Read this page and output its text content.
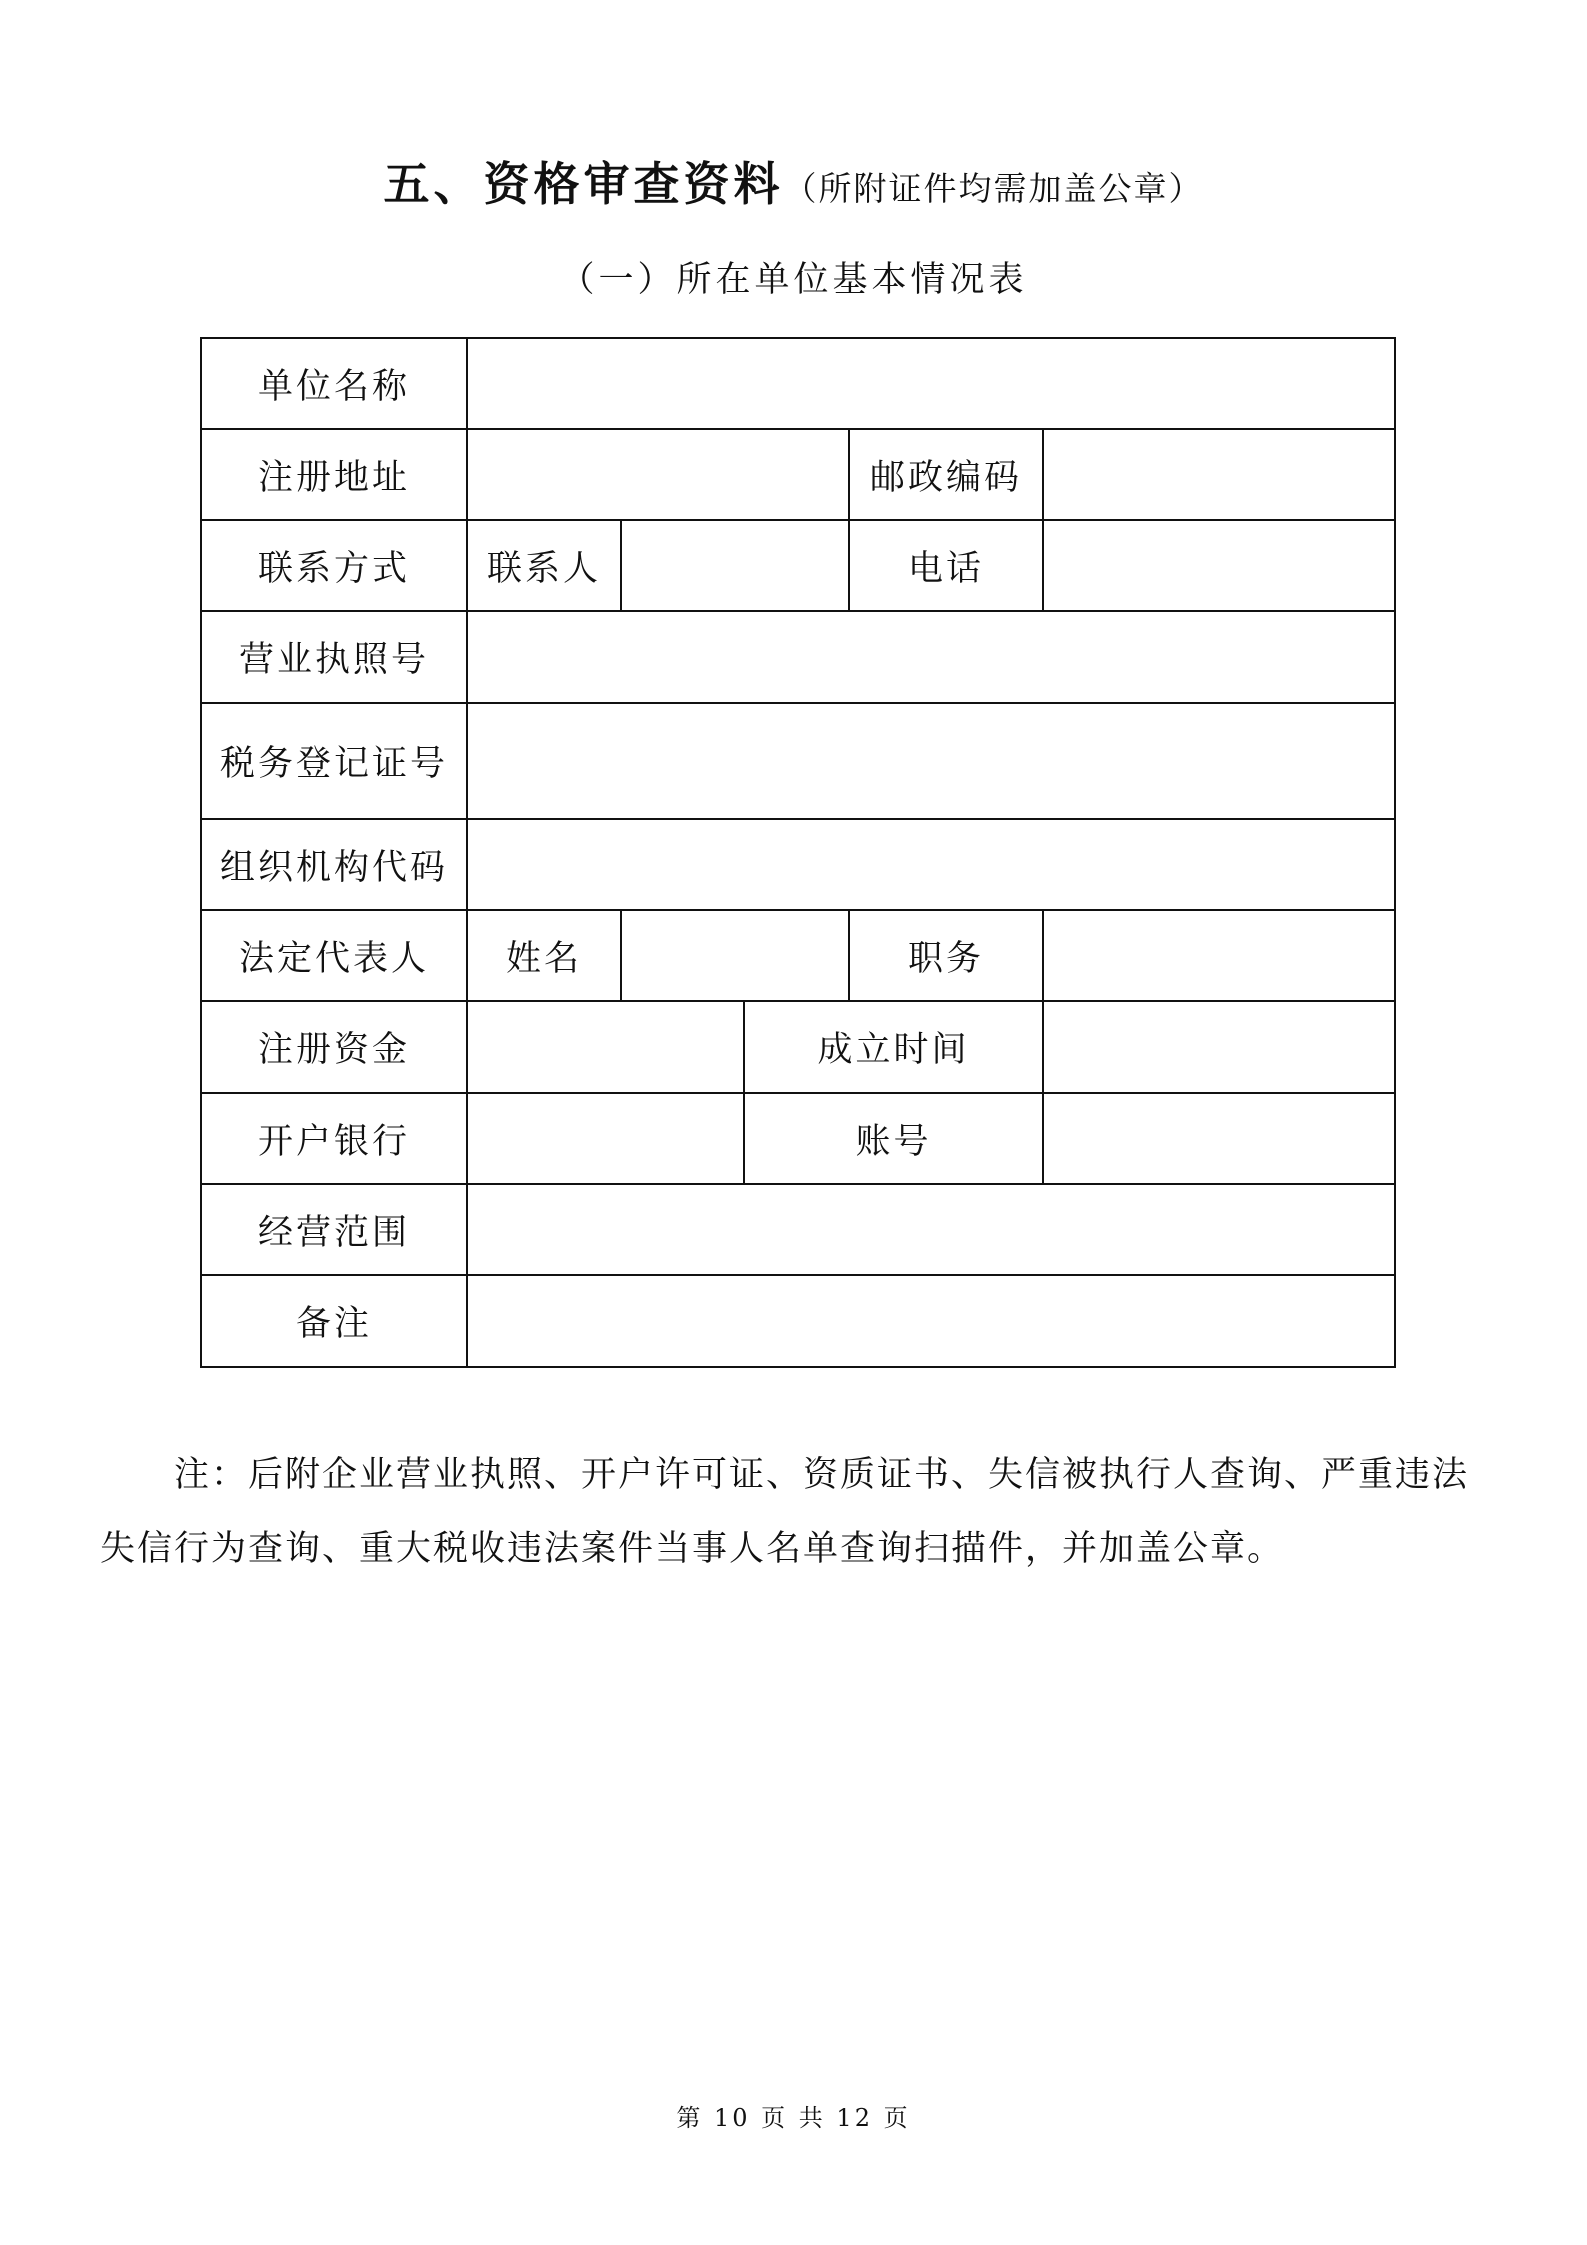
五、资格审查资料（所附证件均需加盖公章）
（一）所在单位基本情况表
单位名称					
注册地址				邮政编码	
联系方式	联系人			电话	
营业执照号					
税务登记证号					
组织机构代码					
法定代表人	姓名			职务	
注册资金			成立时间		
开户银行			账号		
经营范围					
备注					
注：后附企业营业执照、开户许可证、资质证书、失信被执行人查询、严重违法失信行为查询、重大税收违法案件当事人名单查询扫描件，并加盖公章。
第 10 页 共 12 页
